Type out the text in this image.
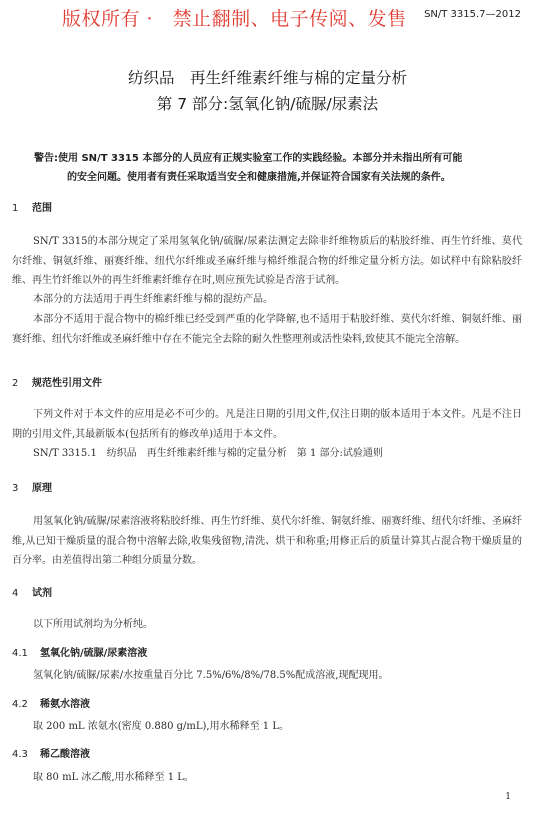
版权所有 ·　禁止翻制、电子传阅、发售	SN/T 3315.7—2012
纺织品　再生纤维素纤维与棉的定量分析
第 7 部分:氢氧化钠/硫脲/尿素法
警告:使用 SN/T 3315 本部分的人员应有正规实验室工作的实践经验。本部分并未指出所有可能
的安全问题。使用者有责任采取适当安全和健康措施,并保证符合国家有关法规的条件。
1 范围
SN/T 3315的本部分规定了采用氢氧化钠/硫脲/尿素法测定去除非纤维物质后的粘胶纤维、再生竹纤维、莫代尔纤维、铜氨纤维、丽赛纤维、纽代尔纤维或圣麻纤维与棉纤维混合物的纤维定量分析方法。如试样中有除粘胶纤维、再生竹纤维以外的再生纤维素纤维存在时,则应预先试验是否溶于试剂。
本部分的方法适用于再生纤维素纤维与棉的混纺产品。
本部分不适用于混合物中的棉纤维已经受到严重的化学降解,也不适用于粘胶纤维、莫代尔纤维、铜氨纤维、丽赛纤维、纽代尔纤维或圣麻纤维中存在不能完全去除的耐久性整理剂或活性染料,致使其不能完全溶解。
2 规范性引用文件
下列文件对于本文件的应用是必不可少的。凡是注日期的引用文件,仅注日期的版本适用于本文件。凡是不注日期的引用文件,其最新版本(包括所有的修改单)适用于本文件。
SN/T 3315.1　纺织品　再生纤维素纤维与棉的定量分析　第 1 部分:试验通则
3 原理
用氢氧化钠/硫脲/尿素溶液将粘胶纤维、再生竹纤维、莫代尔纤维、铜氨纤维、丽赛纤维、纽代尔纤维、圣麻纤维,从已知干燥质量的混合物中溶解去除,收集残留物,清洗、烘干和称重;用修正后的质量计算其占混合物干燥质量的百分率。由差值得出第二种组分质量分数。
4 试剂
以下所用试剂均为分析纯。
4.1 氢氧化钠/硫脲/尿素溶液
氢氧化钠/硫脲/尿素/水按重量百分比 7.5%/6%/8%/78.5%配成溶液,现配现用。
4.2 稀氨水溶液
取 200 mL 浓氨水(密度 0.880 g/mL),用水稀释至 1 L。
4.3 稀乙酸溶液
取 80 mL 冰乙酸,用水稀释至 1 L。
1
